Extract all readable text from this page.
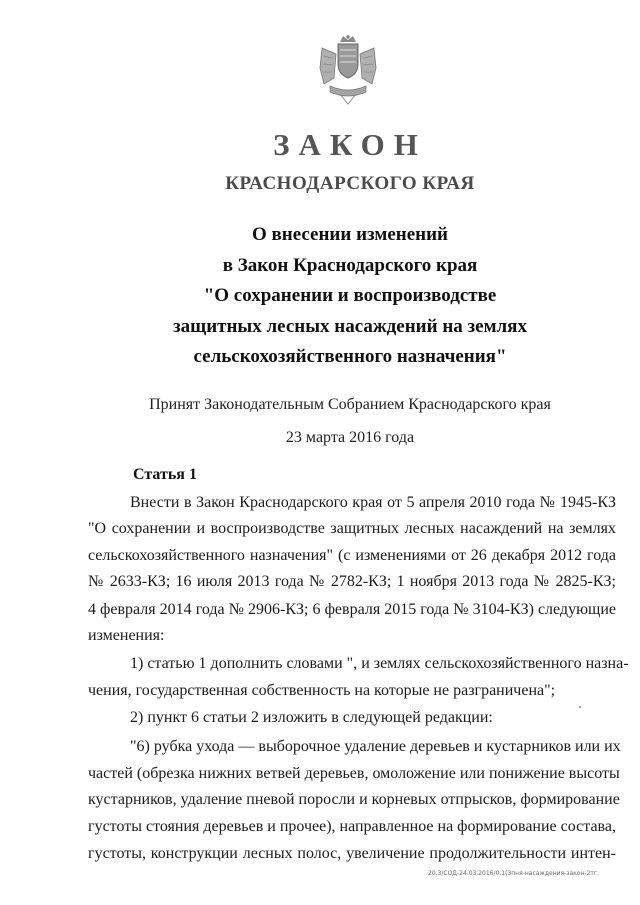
ЗАКОН
КРАСНОДАРСКОГО КРАЯ
О внесении изменений
в Закон Краснодарского края
"О сохранении и воспроизводстве
защитных лесных насаждений на землях
сельскохозяйственного назначения"
Принят Законодательным Собранием Краснодарского края
23 марта 2016 года
Статья 1
Внести в Закон Краснодарского края от 5 апреля 2010 года № 1945-КЗ
"О сохранении и воспроизводстве защитных лесных насаждений на землях
сельскохозяйственного назначения" (с изменениями от 26 декабря 2012 года
№ 2633-КЗ; 16 июля 2013 года № 2782-КЗ; 1 ноября 2013 года № 2825-КЗ;
4 февраля 2014 года № 2906-КЗ; 6 февраля 2015 года № 3104-КЗ) следующие
изменения:
1) статью 1 дополнить словами ", и землях сельскохозяйственного назна-
чения, государственная собственность на которые не разграничена";
2) пункт 6 статьи 2 изложить в следующей редакции:
"6) рубка ухода — выборочное удаление деревьев и кустарников или их
частей (обрезка нижних ветвей деревьев, омоложение или понижение высоты
кустарников, удаление пневой поросли и корневых отпрысков, формирование
густоты стояния деревьев и прочее), направленное на формирование состава,
густоты, конструкции лесных полос, увеличение продолжительности интен-
20.3/СОД-24.03.2016/0.1(Зпня-насаждения-закон-2тг.
